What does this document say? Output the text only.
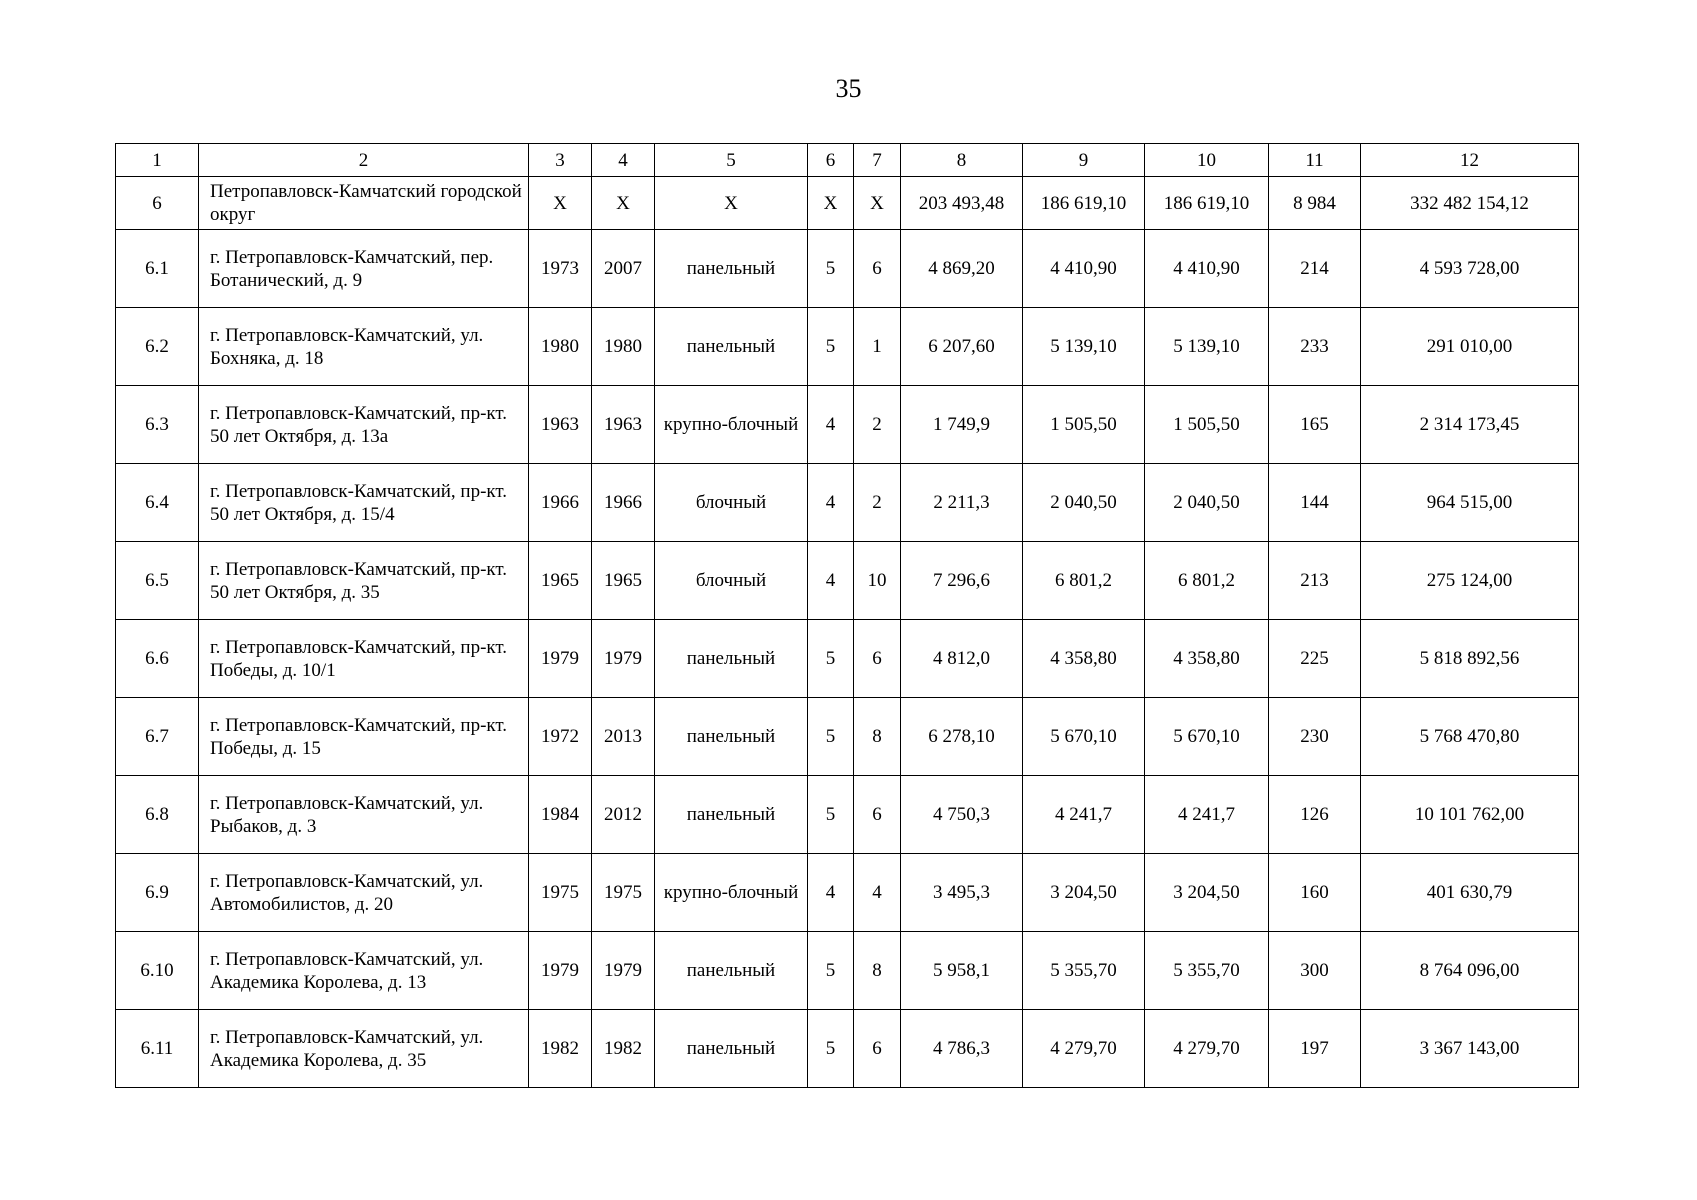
35
1	2	3	4	5	6	7	8	9	10	11	12
6	Петропавловск-Камчатский городской округ	X	X	X	X	X	203 493,48	186 619,10	186 619,10	8 984	332 482 154,12
6.1	г. Петропавловск-Камчатский, пер. Ботанический, д. 9	1973	2007	панельный	5	6	4 869,20	4 410,90	4 410,90	214	4 593 728,00
6.2	г. Петропавловск-Камчатский, ул. Бохняка, д. 18	1980	1980	панельный	5	1	6 207,60	5 139,10	5 139,10	233	291 010,00
6.3	г. Петропавловск-Камчатский, пр-кт. 50 лет Октября, д. 13а	1963	1963	крупно-блочный	4	2	1 749,9	1 505,50	1 505,50	165	2 314 173,45
6.4	г. Петропавловск-Камчатский, пр-кт. 50 лет Октября, д. 15/4	1966	1966	блочный	4	2	2 211,3	2 040,50	2 040,50	144	964 515,00
6.5	г. Петропавловск-Камчатский, пр-кт. 50 лет Октября, д. 35	1965	1965	блочный	4	10	7 296,6	6 801,2	6 801,2	213	275 124,00
6.6	г. Петропавловск-Камчатский, пр-кт. Победы, д. 10/1	1979	1979	панельный	5	6	4 812,0	4 358,80	4 358,80	225	5 818 892,56
6.7	г. Петропавловск-Камчатский, пр-кт. Победы, д. 15	1972	2013	панельный	5	8	6 278,10	5 670,10	5 670,10	230	5 768 470,80
6.8	г. Петропавловск-Камчатский, ул. Рыбаков, д. 3	1984	2012	панельный	5	6	4 750,3	4 241,7	4 241,7	126	10 101 762,00
6.9	г. Петропавловск-Камчатский, ул. Автомобилистов, д. 20	1975	1975	крупно-блочный	4	4	3 495,3	3 204,50	3 204,50	160	401 630,79
6.10	г. Петропавловск-Камчатский, ул. Академика Королева, д. 13	1979	1979	панельный	5	8	5 958,1	5 355,70	5 355,70	300	8 764 096,00
6.11	г. Петропавловск-Камчатский, ул. Академика Королева, д. 35	1982	1982	панельный	5	6	4 786,3	4 279,70	4 279,70	197	3 367 143,00
